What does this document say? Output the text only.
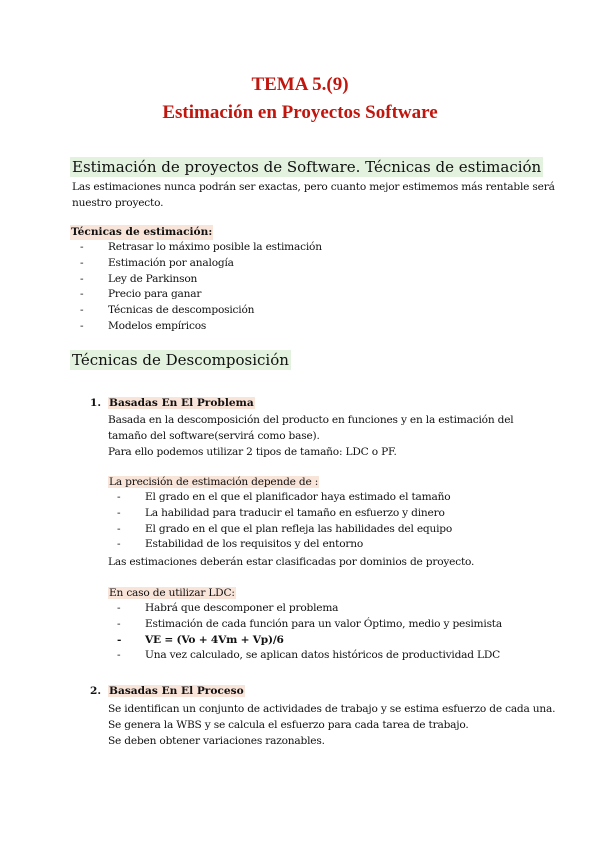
TEMA 5.(9)
Estimación en Proyectos Software
Estimación de proyectos de Software. Técnicas de estimación
Las estimaciones nunca podrán ser exactas, pero cuanto mejor estimemos más rentable será
nuestro proyecto.
Técnicas de estimación:
- Retrasar lo máximo posible la estimación
- Estimación por analogía
- Ley de Parkinson
- Precio para ganar
- Técnicas de descomposición
- Modelos empíricos
Técnicas de Descomposición
1. Basadas En El Problema
Basada en la descomposición del producto en funciones y en la estimación del
tamaño del software(servirá como base).
Para ello podemos utilizar 2 tipos de tamaño: LDC o PF.
La precisión de estimación depende de :
- El grado en el que el planificador haya estimado el tamaño
- La habilidad para traducir el tamaño en esfuerzo y dinero
- El grado en el que el plan refleja las habilidades del equipo
- Estabilidad de los requisitos y del entorno
Las estimaciones deberán estar clasificadas por dominios de proyecto.
En caso de utilizar LDC:
- Habrá que descomponer el problema
- Estimación de cada función para un valor Óptimo, medio y pesimista
- VE = (Vo + 4Vm + Vp)/6
- Una vez calculado, se aplican datos históricos de productividad LDC
2. Basadas En El Proceso
Se identifican un conjunto de actividades de trabajo y se estima esfuerzo de cada una.
Se genera la WBS y se calcula el esfuerzo para cada tarea de trabajo.
Se deben obtener variaciones razonables.
